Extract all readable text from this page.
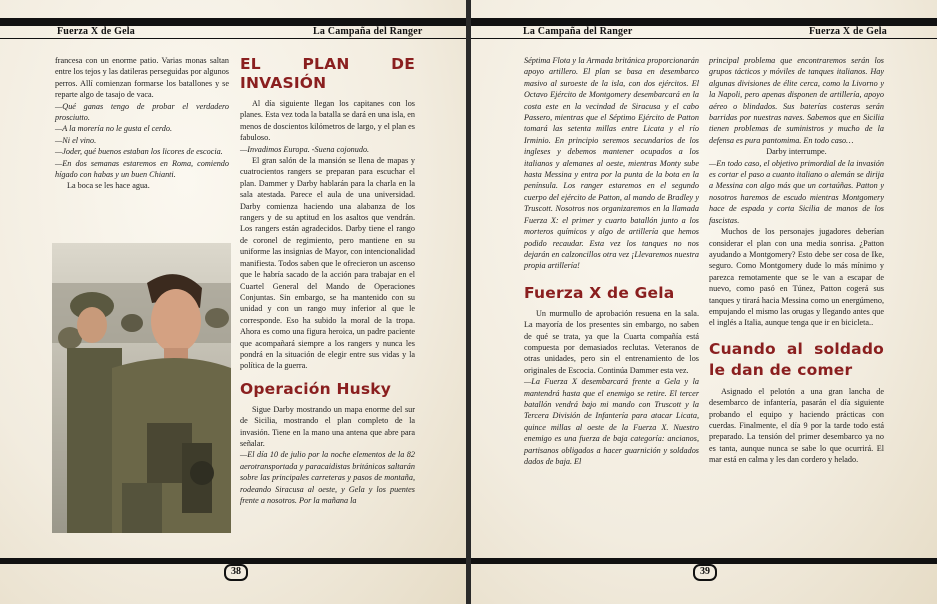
Fuerza X de Gela	La Campaña del Ranger

francesa con un enorme patio. Varias monas saltan entre los tejos y las datileras perseguidas por algunos perros. Allí comienzan formarse los batallones y se reparte algo de tasajo de vaca.

—Qué ganas tengo de probar el verdadero prosciutto.

—A la morería no le gusta el cerdo.

—Ni el vino.

—Joder, qué buenos estaban los licores de escocia.

—En dos semanas estaremos en Roma, comiendo hígado con habas y un buen Chianti.

La boca se les hace agua.

EL PLAN DE INVASIÓN

Al día siguiente llegan los capitanes con los planes. Esta vez toda la batalla se dará en una isla, en menos de doscientos kilómetros de largo, y el plan es fabuloso.

—Invadimos Europa. -Suena cojonudo.

El gran salón de la mansión se llena de mapas y cuatrocientos rangers se preparan para escuchar el plan. Dammer y Darby hablarán para la charla en la sala atestada. Parece el aula de una universidad. Darby comienza haciendo una alabanza de los rangers y de su aptitud en los asaltos que vendrán. Los rangers están agradecidos. Darby tiene el rango de coronel de regimiento, pero mantiene en su uniforme las insignias de Mayor, con intencionalidad manifiesta. Todos saben que le ofrecieron un ascenso que le habría sacado de la acción para trabajar en el Cuartel General del Mando de Operaciones Conjuntas. Sin embargo, se ha mantenido con su unidad y con un rango muy inferior al que le corresponde. Eso ha subido la moral de la tropa. Ahora es como una figura heroica, un padre paciente que acompañará siempre a los rangers y nunca les pondrá en la situación de elegir entre sus vidas y la política de la guerra.

Operación Husky

Sigue Darby mostrando un mapa enorme del sur de Sicilia, mostrando el plan completo de la invasión. Tiene en la mano una antena que abre para señalar.

—El día 10 de julio por la noche elementos de la 82 aerotransportada y paracaidistas británicos saltarán sobre las principales carreteras y pasos de montaña, rodeando Siracusa al oeste, y Gela y los puentes frente a nosotros. Por la mañana la

38
La Campaña del Ranger	Fuerza X de Gela

Séptima Flota y la Armada británica proporcionarán apoyo artillero. El plan se basa en desembarco masivo al suroeste de la isla, con dos ejércitos. El Octavo Ejército de Montgomery desembarcará en la costa este en la vecindad de Siracusa y el cabo Passero, mientras que el Séptimo Ejército de Patton tomará las setenta millas entre Licata y el río Irminio. En principio seremos secundarios de los ingleses y debemos mantener ocupados a los italianos y alemanes al oeste, mientras Monty sube hasta Messina y entra por la punta de la bota en la península. Los ranger estaremos en el segundo cuerpo del ejército de Patton, al mando de Bradley y Truscott. Nosotros nos organizaremos en la llamada Fuerza X: el primer y cuarto batallón junto a los morteros químicos y algo de artillería que hemos podido recaudar. Esta vez los tanques no nos dejarán en calzoncillos otra vez ¡Llevaremos nuestra propia artillería!

Fuerza X de Gela

Un murmullo de aprobación resuena en la sala. La mayoría de los presentes sin embargo, no saben de qué se trata, ya que la Cuarta compañía está compuesta por demasiados reclutas. Veteranos de otras unidades, pero sin el entrenamiento de los originales de Escocia. Continúa Dammer esta vez.

—La Fuerza X desembarcará frente a Gela y la mantendrá hasta que el enemigo se retire. El tercer batallón vendrá bajo mi mando con Truscott y la Tercera División de Infantería para atacar Licata, quince millas al oeste de la Fuerza X. Nuestro enemigo es una fuerza de baja categoría: ancianos, partisanos obligados a hacer guarnición y soldados dados de baja. El

principal problema que encontraremos serán los grupos tácticos y móviles de tanques italianos. Hay algunas divisiones de élite cerca, como la Livorno y la Napoli, pero apenas disponen de artillería, apoyo aéreo o blindados. Sus baterías costeras serán barridas por nuestras naves. Sabemos que en Sicilia tienen problemas de suministros y mucho de la defensa es pura pantomima. En todo caso…

Darby interrumpe.

—En todo caso, el objetivo primordial de la invasión es cortar el paso a cuanto italiano o alemán se dirija a Messina con algo más que un cortaúñas. Patton y nosotros haremos de escudo mientras Montgomery hace de espada y corta Sicilia de manos de los fascistas.

Muchos de los personajes jugadores deberían considerar el plan con una media sonrisa. ¿Patton ayudando a Montgomery? Esto debe ser cosa de Ike, seguro. Como Montgomery dude lo más mínimo y parezca remotamente que se le van a escapar de nuevo, como pasó en Túnez, Patton cogerá sus tanques y tirará hacia Messina como un energúmeno, empujando el mismo las orugas y llegando antes que el inglés a Italia, aunque tenga que ir en bicicleta..

Cuando al soldado le dan de comer

Asignado el pelotón a una gran lancha de desembarco de infantería, pasarán el día siguiente probando el equipo y haciendo prácticas con cuerdas. Finalmente, el día 9 por la tarde todo está preparado. La tensión del primer desembarco ya no es tanta, aunque nunca se sabe lo que ocurrirá. El mar está en calma y les dan cordero y helado.

39
